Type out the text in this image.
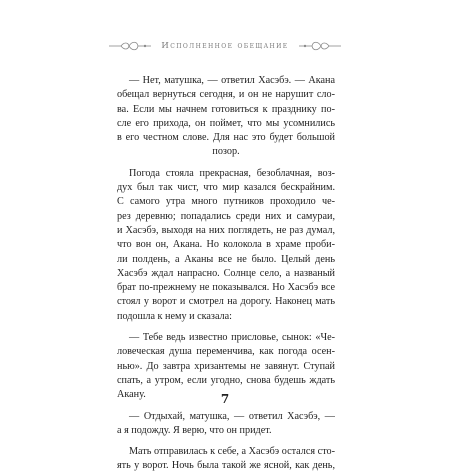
Исполненное обещание
— Нет, матушка, — ответил Хасэбэ. — Акана
обещал вернуться сегодня, и он не нарушит сло-
ва. Если мы начнем готовиться к празднику по-
сле его прихода, он поймет, что мы усомнились
в его честном слове. Для нас это будет большой
позор.
Погода стояла прекрасная, безоблачная, воз-
дух был так чист, что мир казался бескрайним.
С самого утра много путников проходило че-
рез деревню; попадались среди них и самураи,
и Хасэбэ, выходя на них поглядеть, не раз думал,
что вон он, Акана. Но колокола в храме проби-
ли полдень, а Аканы все не было. Целый день
Хасэбэ ждал напрасно. Солнце село, а названый
брат по-прежнему не показывался. Но Хасэбэ все
стоял у ворот и смотрел на дорогу. Наконец мать
подошла к нему и сказала:
— Тебе ведь известно присловье, сынок: «Че-
ловеческая душа переменчива, как погода осен-
нью». До завтра хризантемы не завянут. Ступай
спать, а утром, если угодно, снова будешь ждать
Акану.
— Отдыхай, матушка, — ответил Хасэбэ, —
а я подожду. Я верю, что он придет.
Мать отправилась к себе, а Хасэбэ остался сто-
ять у ворот. Ночь была такой же ясной, как день,
7
